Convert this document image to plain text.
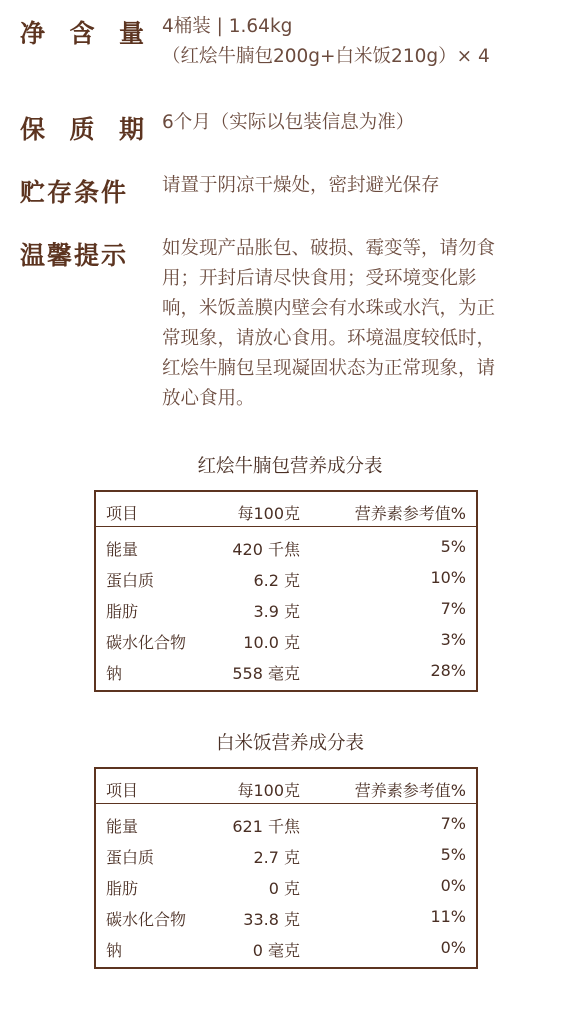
净 含 量 4桶装 | 1.64kg
（红烩牛腩包200g+白米饭210g）× 4
保 质 期 6个月（实际以包装信息为准）
贮存条件 请置于阴凉干燥处，密封避光保存
温馨提示 如发现产品胀包、破损、霉变等，请勿食
用；开封后请尽快食用；受环境变化影
响，米饭盖膜内壁会有水珠或水汽，为正
常现象，请放心食用。环境温度较低时，
红烩牛腩包呈现凝固状态为正常现象，请
放心食用。
红烩牛腩包营养成分表
项目	每100克	营养素参考值%
能量	420 千焦	5%
蛋白质	6.2 克	10%
脂肪	3.9 克	7%
碳水化合物	10.0 克	3%
钠	558 毫克	28%
白米饭营养成分表
项目	每100克	营养素参考值%
能量	621 千焦	7%
蛋白质	2.7 克	5%
脂肪	0 克	0%
碳水化合物	33.8 克	11%
钠	0 毫克	0%
